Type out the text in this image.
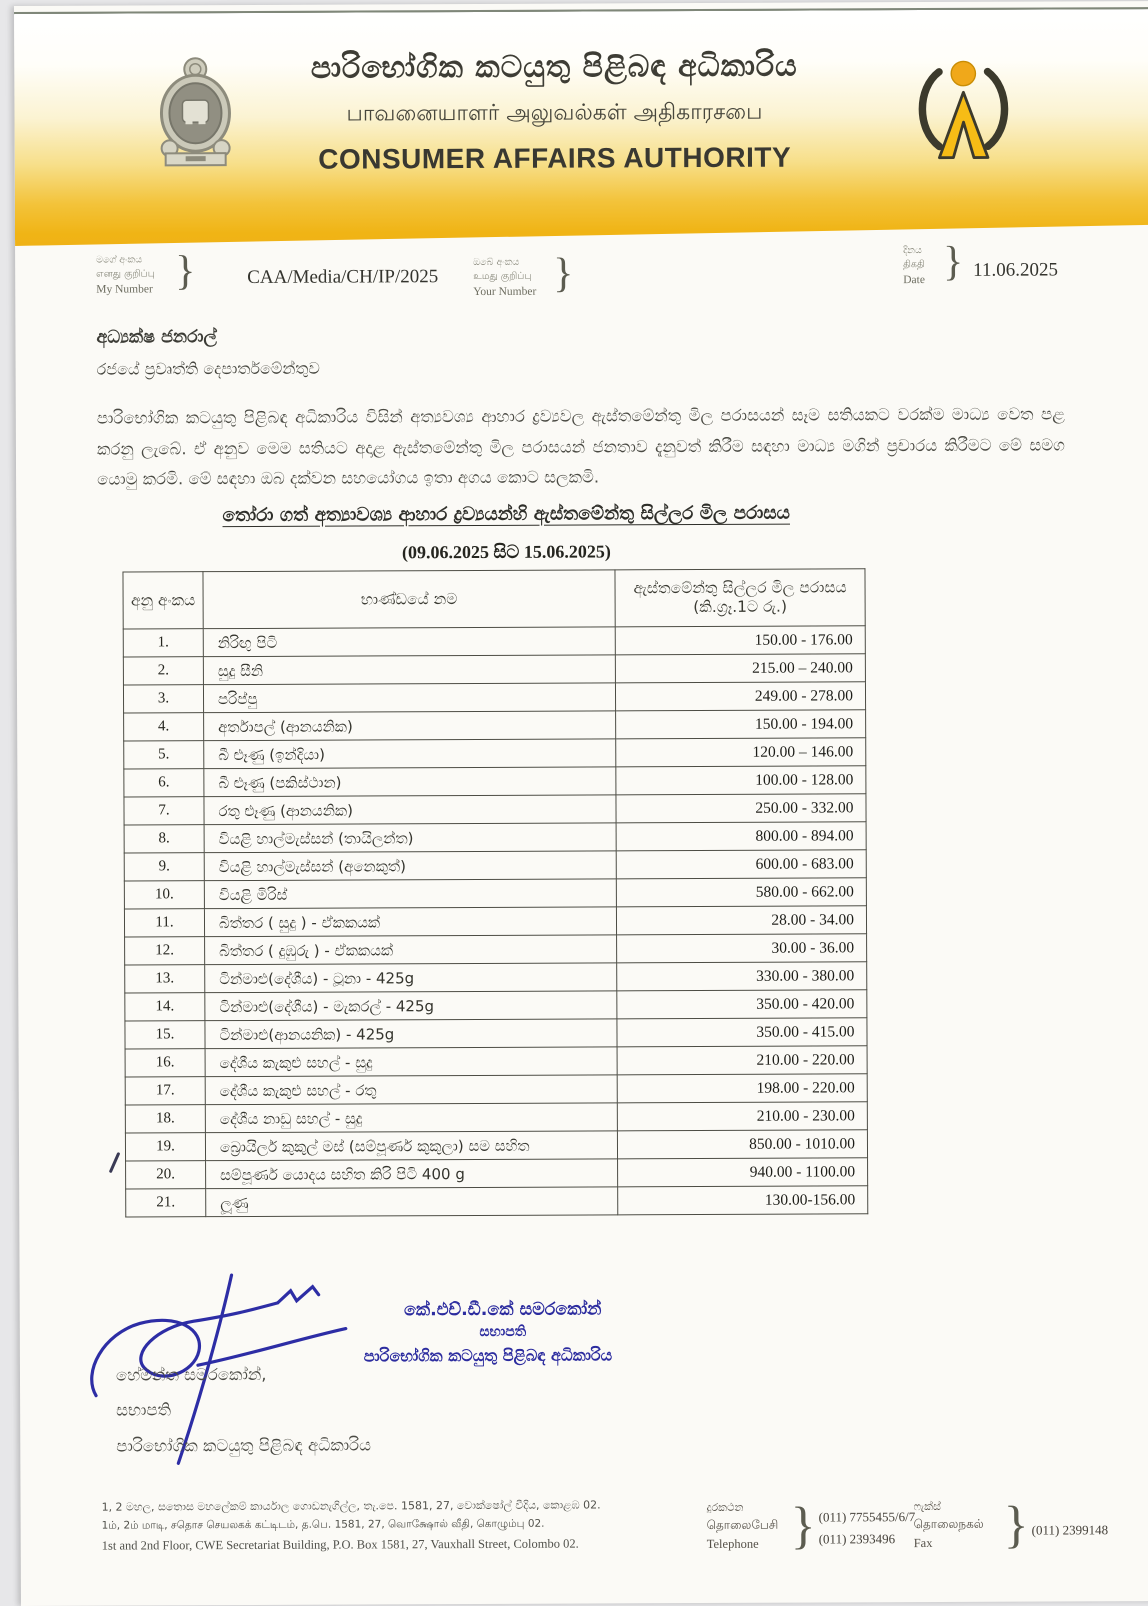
පාරිභෝගික කටයුතු පිළිබඳ අධිකාරිය
பாவனையாளர் அலுவல்கள் அதிகாரசபை
CONSUMER AFFAIRS AUTHORITY
මගේ අංකය
எனது குறிப்பு
My Number }	CAA/Media/CH/IP/2025
ඔබේ අංකය
உமது குறிப்பு
Your Number }	දිනය
திகதி
Date } 11.06.2025
අධ්‍යක්ෂ ජනරාල්
රජයේ ප්‍රවෘත්ති දෙපාර්තමේන්තුව
පාරිභෝගික කටයුතු පිළිබඳ අධිකාරිය විසින් අත්‍යවශ්‍ය ආහාර ද්‍රව්‍යවල ඇස්තමේන්තු මිල පරාසයන් සෑම සතියකට වරක්ම මාධ්‍ය වෙත පළ කරනු ලැබේ. ඒ අනුව මෙම සතියට අදාළ ඇස්තමේන්තු මිල පරාසයන් ජනතාව දැනුවත් කිරීම සඳහා මාධ්‍ය මගින් ප්‍රචාරය කිරීමට මේ සමග යොමු කරමි. මේ සඳහා ඔබ දක්වන සහයෝගය ඉතා අගය කොට සලකමි.
තෝරා ගත් අත්‍යාවශ්‍ය ආහාර ද්‍රව්‍යයන්හි ඇස්තමේන්තු සිල්ලර මිල පරාසය
(09.06.2025 සිට 15.06.2025)
අනු අංකය	භාණ්ඩයේ නම	ඇස්තමේන්තු සිල්ලර මිල පරාසය (කි.ග්‍රෑ.1ට රු.)
1.	නිරිඟු පිටි	150.00 - 176.00
2.	සුදු සීනි	215.00 – 240.00
3.	පරිප්පු	249.00 - 278.00
4.	අර්තාපල් (ආනයනික)	150.00 - 194.00
5.	බී ළූණු (ඉන්දියා)	120.00 – 146.00
6.	බී ළූණු (පකිස්ථාන)	100.00 - 128.00
7.	රතු ළූණු (ආනයනික)	250.00 - 332.00
8.	වියළි හාල්මැස්සන් (තායිලන්ත)	800.00 - 894.00
9.	වියළි හාල්මැස්සන් (අනෙකුත්)	600.00 - 683.00
10.	වියළි මිරිස්	580.00 - 662.00
11.	බිත්තර ( සුදු ) - ඒකකයක්	28.00 - 34.00
12.	බිත්තර ( දුඹුරු ) - ඒකකයක්	30.00 - 36.00
13.	ටින්මාළු(දේශීය) - ටූනා - 425g	330.00 - 380.00
14.	ටින්මාළු(දේශීය) - මැකරල් - 425g	350.00 - 420.00
15.	ටින්මාළු(ආනයනික) - 425g	350.00 - 415.00
16.	දේශීය කැකුළු සහල් - සුදු	210.00 - 220.00
17.	දේශීය කැකුළු සහල් - රතු	198.00 - 220.00
18.	දේශීය නාඩු සහල් - සුදු	210.00 - 230.00
19.	බ්‍රොයිලර් කුකුල් මස් (සම්පූර්ණ කුකුලා) සම සහිත	850.00 - 1010.00
20.	සම්පූර්ණ යොදය සහිත කිරි පිටි 400 g	940.00 - 1100.00
21.	ලූණු	130.00-156.00
කේ.එච්.ඩී.කේ සමරකෝන්
සභාපති
පාරිභෝගික කටයුතු පිළිබඳ අධිකාරිය
හේමන්ත සමරකෝන්,
සභාපති
පාරිභෝගික කටයුතු පිළිබඳ අධිකාරිය
1, 2 මහල, සතොස මහලේකම් කාර්යාල ගොඩනැගිල්ල, තැ.පෙ. 1581, 27, වොක්ෂෝල් වීදිය, කොළඹ 02.
1ம், 2ம் மாடி, சதொச செயலகக் கட்டிடம், த.பெ. 1581, 27, வொக்ஷோல் வீதி, கொழும்பு 02.
1st and 2nd Floor, CWE Secretariat Building, P.O. Box 1581, 27, Vauxhall Street, Colombo 02.
දුරකථන
தொலைபேசி
Telephone } (011) 7755455/6/7
(011) 2393496
ෆැක්ස්
தொலைநகல்
Fax	} (011) 2399148
